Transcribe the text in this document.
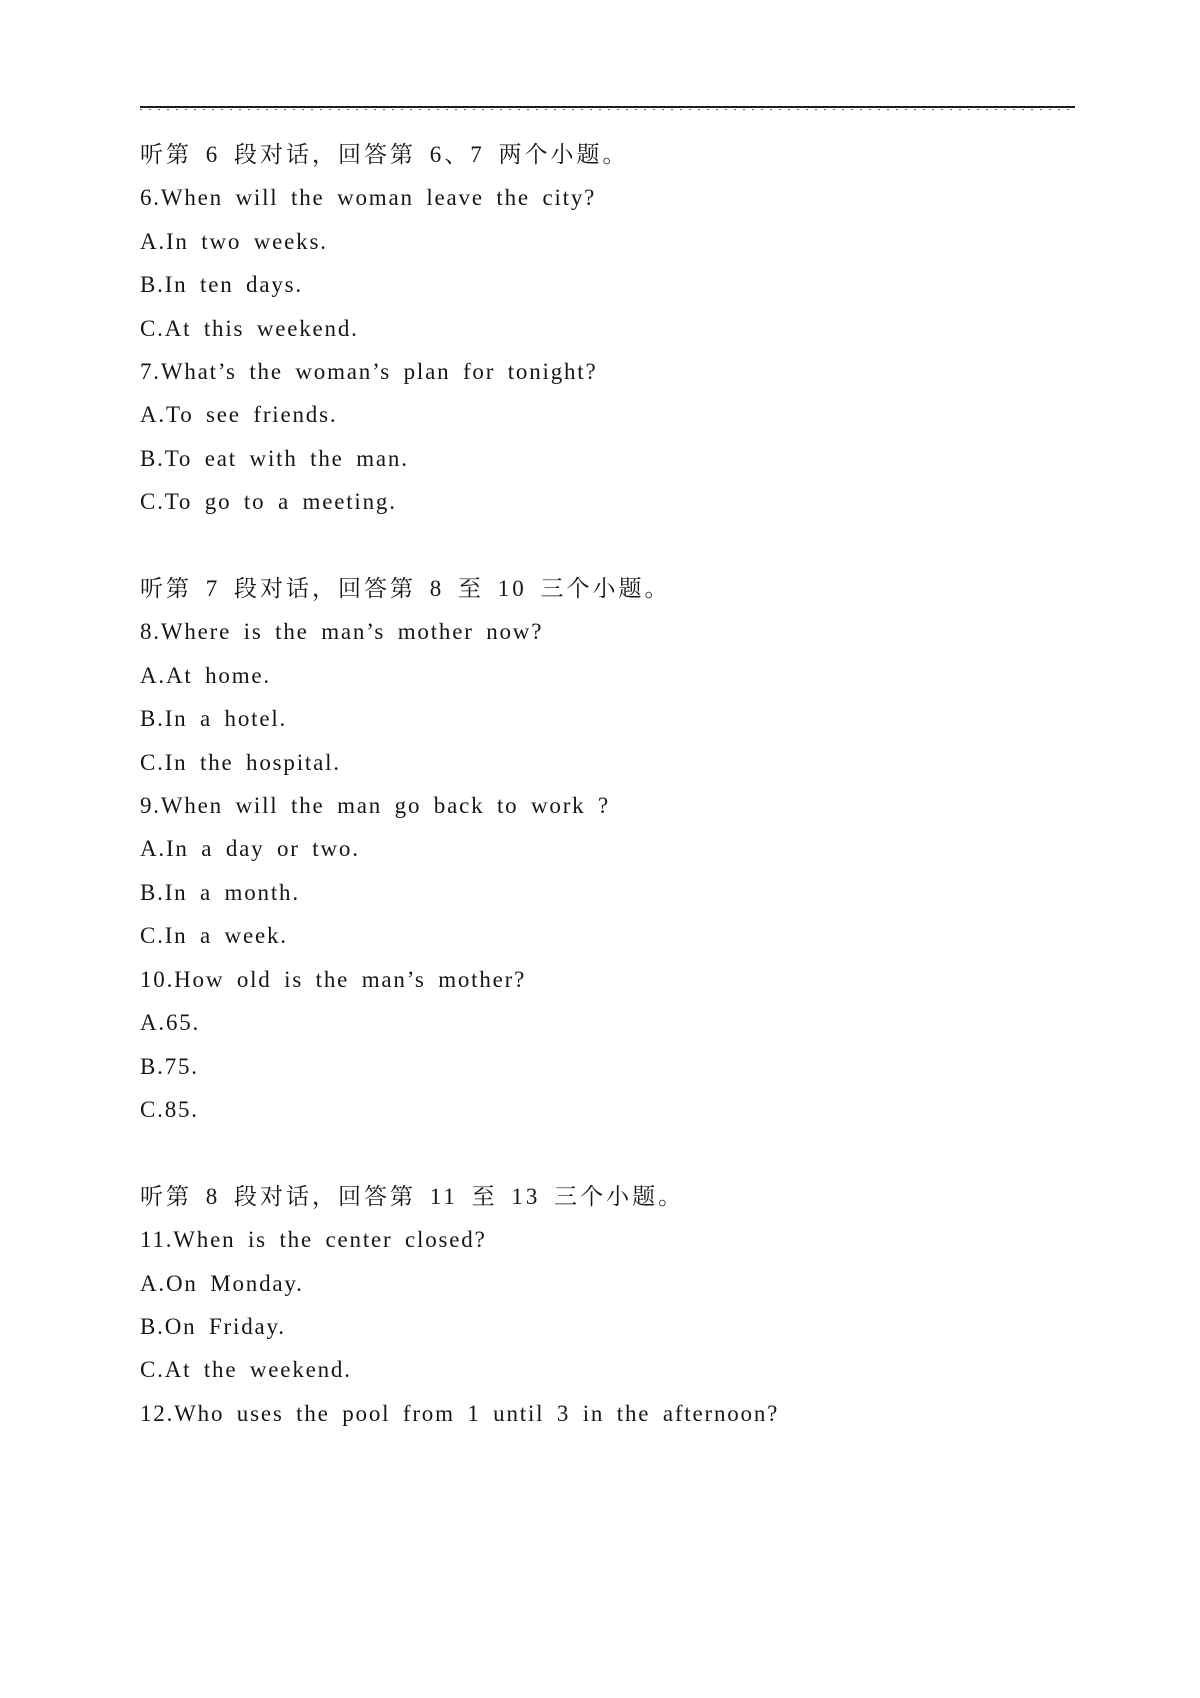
听第 6 段对话，回答第 6、7 两个小题。

6.When will the woman leave the city?

A.In two weeks.

B.In ten days.

C.At this weekend.

7.What’s the woman’s plan for tonight?

A.To see friends.

B.To eat with the man.

C.To go to a meeting.

听第 7 段对话，回答第 8 至 10 三个小题。

8.Where is the man’s mother now?

A.At home.

B.In a hotel.

C.In the hospital.

9.When will the man go back to work ?

A.In a day or two.

B.In a month.

C.In a week.

10.How old is the man’s mother?

A.65.

B.75.

C.85.

听第 8 段对话，回答第 11 至 13 三个小题。

11.When is the center closed?

A.On Monday.

B.On Friday.

C.At the weekend.

12.Who uses the pool from 1 until 3 in the afternoon?
